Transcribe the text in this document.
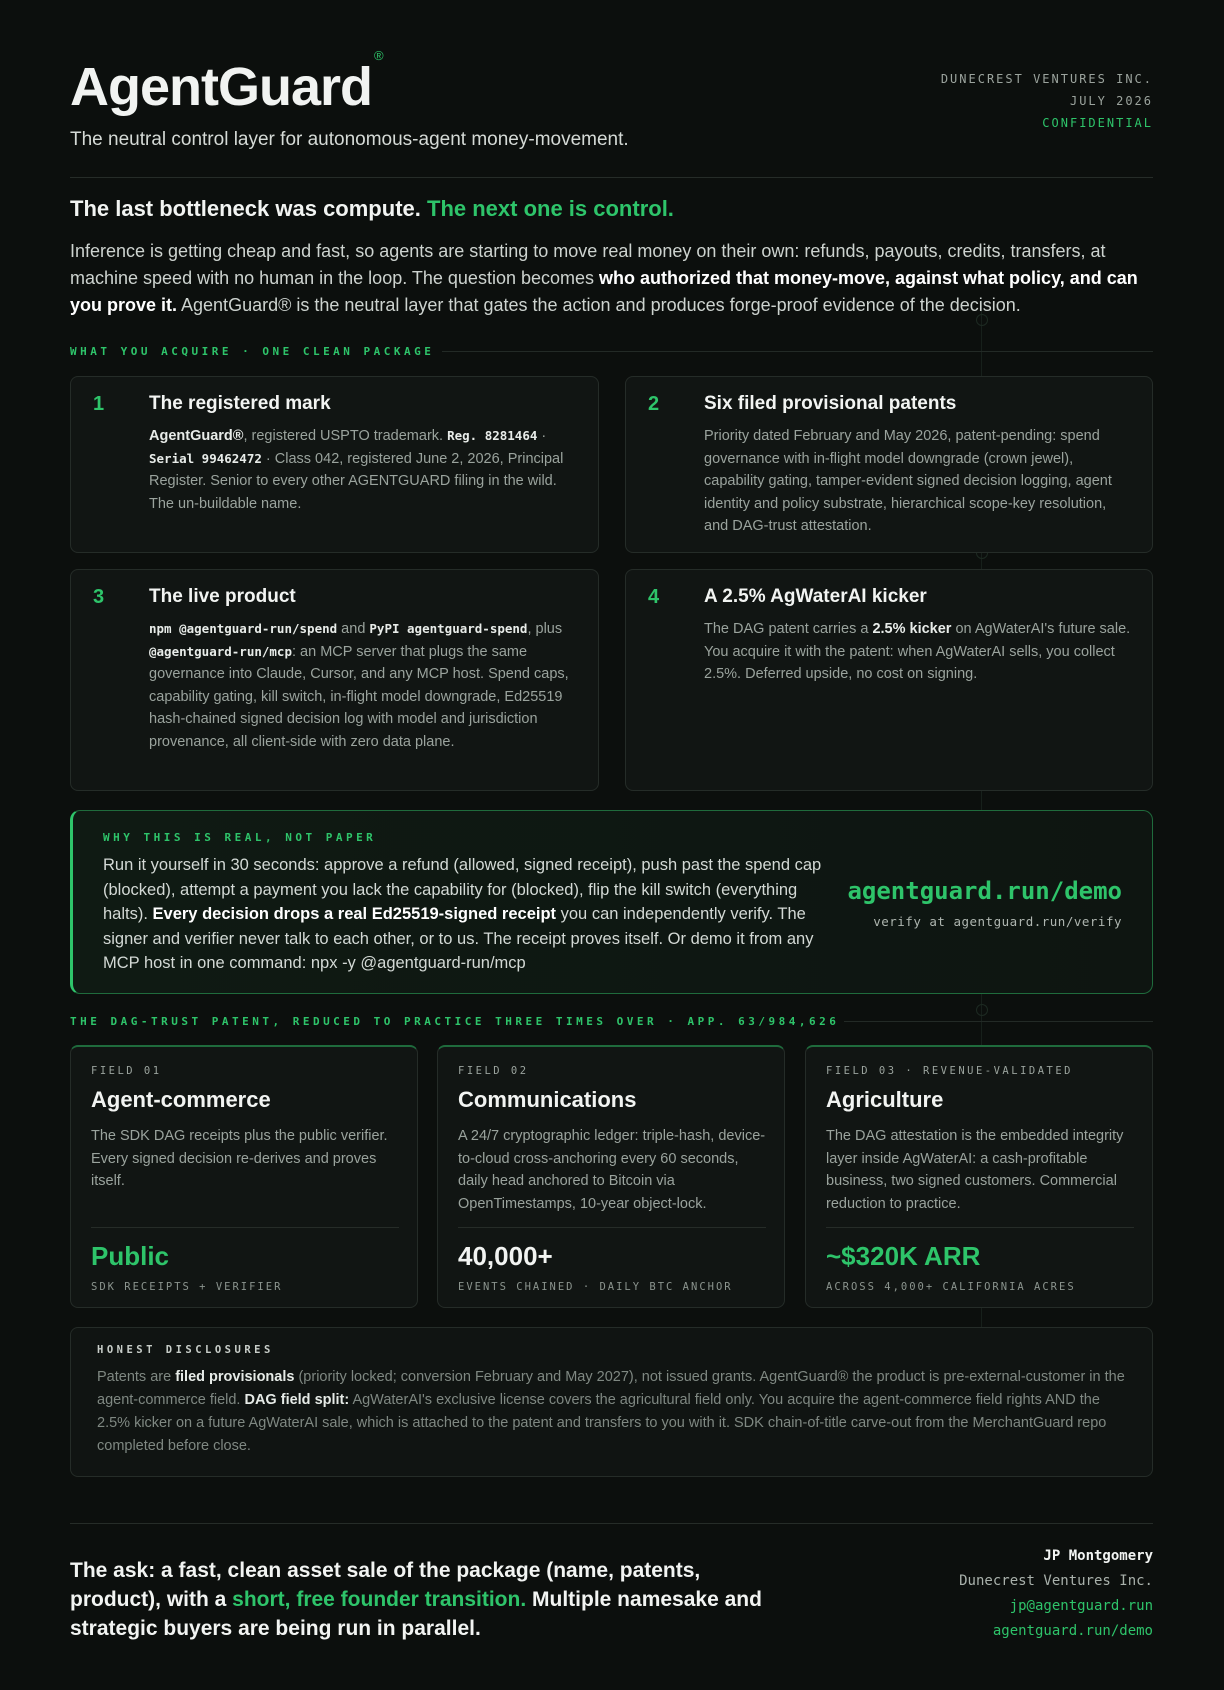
AgentGuard®
The neutral control layer for autonomous-agent money-movement.
DUNECREST VENTURES INC.
JULY 2026
CONFIDENTIAL
The last bottleneck was compute. The next one is control.

Inference is getting cheap and fast, so agents are starting to move real money on their own: refunds, payouts, credits, transfers, at machine speed with no human in the loop. The question becomes who authorized that money-move, against what policy, and can you prove it. AgentGuard® is the neutral layer that gates the action and produces forge-proof evidence of the decision.

WHAT YOU ACQUIRE · ONE CLEAN PACKAGE
1 The registered mark

AgentGuard®, registered USPTO trademark. Reg. 8281464 · Serial 99462472 · Class 042, registered June 2, 2026, Principal Register. Senior to every other AGENTGUARD filing in the wild. The un-buildable name.

2 Six filed provisional patents

Priority dated February and May 2026, patent-pending: spend governance with in-flight model downgrade (crown jewel), capability gating, tamper-evident signed decision logging, agent identity and policy substrate, hierarchical scope-key resolution, and DAG-trust attestation.

3 The live product

npm @agentguard-run/spend and PyPI agentguard-spend, plus @agentguard-run/mcp: an MCP server that plugs the same governance into Claude, Cursor, and any MCP host. Spend caps, capability gating, kill switch, in-flight model downgrade, Ed25519 hash-chained signed decision log with model and jurisdiction provenance, all client-side with zero data plane.

4 A 2.5% AgWaterAI kicker

The DAG patent carries a 2.5% kicker on AgWaterAI's future sale. You acquire it with the patent: when AgWaterAI sells, you collect 2.5%. Deferred upside, no cost on signing.

WHY THIS IS REAL, NOT PAPER

Run it yourself in 30 seconds: approve a refund (allowed, signed receipt), push past the spend cap (blocked), attempt a payment you lack the capability for (blocked), flip the kill switch (everything halts). Every decision drops a real Ed25519-signed receipt you can independently verify. The signer and verifier never talk to each other, or to us. The receipt proves itself. Or demo it from any MCP host in one command: npx -y @agentguard-run/mcp

agentguard.run/demo
verify at agentguard.run/verify
THE DAG-TRUST PATENT, REDUCED TO PRACTICE THREE TIMES OVER · APP. 63/984,626
FIELD 01
Agent-commerce

The SDK DAG receipts plus the public verifier. Every signed decision re-derives and proves itself.

Public
SDK RECEIPTS + VERIFIER
FIELD 02
Communications

A 24/7 cryptographic ledger: triple-hash, device-to-cloud cross-anchoring every 60 seconds, daily head anchored to Bitcoin via OpenTimestamps, 10-year object-lock.

40,000+
EVENTS CHAINED · DAILY BTC ANCHOR
FIELD 03 · REVENUE-VALIDATED
Agriculture

The DAG attestation is the embedded integrity layer inside AgWaterAI: a cash-profitable business, two signed customers. Commercial reduction to practice.

~$320K ARR
ACROSS 4,000+ CALIFORNIA ACRES
HONEST DISCLOSURES

Patents are filed provisionals (priority locked; conversion February and May 2027), not issued grants. AgentGuard® the product is pre-external-customer in the agent-commerce field. DAG field split: AgWaterAI's exclusive license covers the agricultural field only. You acquire the agent-commerce field rights AND the 2.5% kicker on a future AgWaterAI sale, which is attached to the patent and transfers to you with it. SDK chain-of-title carve-out from the MerchantGuard repo completed before close.

The ask: a fast, clean asset sale of the package (name, patents, product), with a short, free founder transition. Multiple namesake and strategic buyers are being run in parallel.

JP Montgomery
Dunecrest Ventures Inc.
jp@agentguard.run
agentguard.run/demo
